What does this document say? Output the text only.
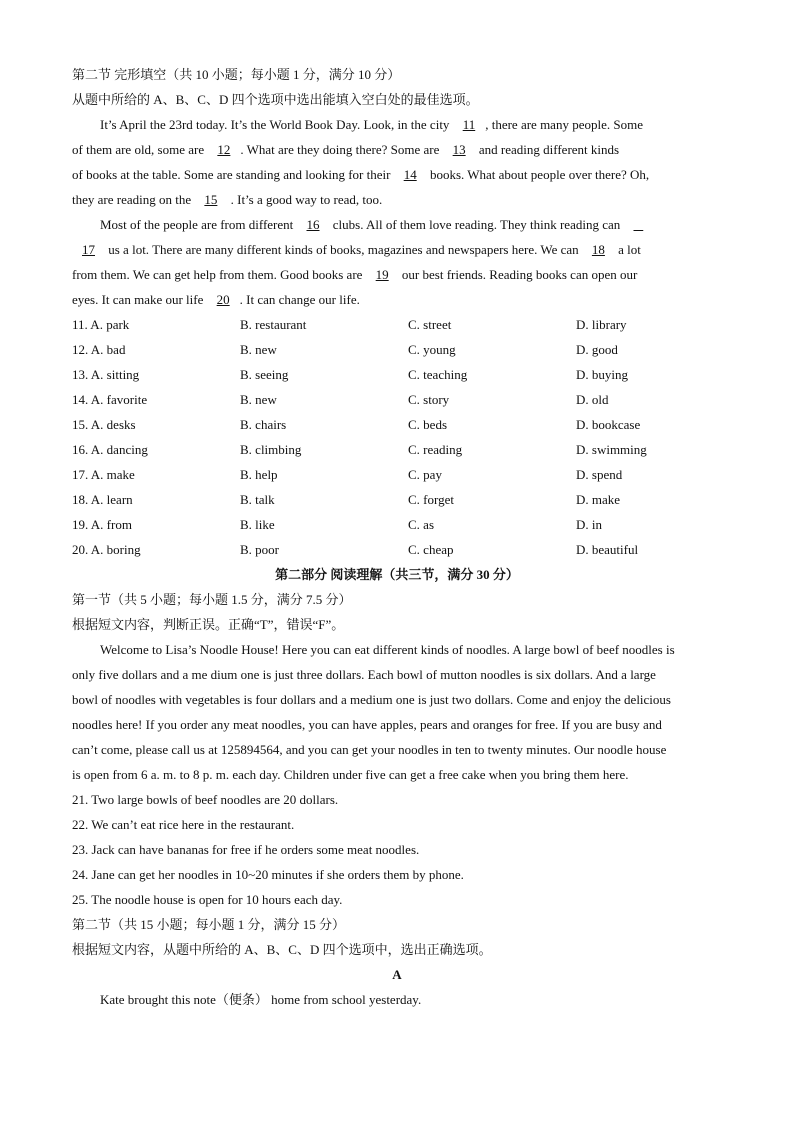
第二节 完形填空（共 10 小题；每小题 1 分，满分 10 分）
从题中所给的 A、B、C、D 四个选项中选出能填入空白处的最佳选项。
It’s April the 23rd today. It’s the World Book Day. Look, in the city 11 , there are many people. Some
of them are old, some are 12 . What are they doing there? Some are 13 and reading different kinds
of books at the table. Some are standing and looking for their 14 books. What about people over there? Oh,
they are reading on the 15 . It’s a good way to read, too.
Most of the people are from different 16 clubs. All of them love reading. They think reading can
17 us a lot. There are many different kinds of books, magazines and newspapers here. We can 18 a lot
from them. We can get help from them. Good books are 19 our best friends. Reading books can open our
eyes. It can make our life 20 . It can change our life.
11. A. park	B. restaurant	C. street	D. library
12. A. bad	B. new	C. young	D. good
13. A. sitting	B. seeing	C. teaching	D. buying
14. A. favorite	B. new	C. story	D. old
15. A. desks	B. chairs	C. beds	D. bookcase
16. A. dancing	B. climbing	C. reading	D. swimming
17. A. make	B. help	C. pay	D. spend
18. A. learn	B. talk	C. forget	D. make
19. A. from	B. like	C. as	D. in
20. A. boring	B. poor	C. cheap	D. beautiful
第二部分 阅读理解（共三节，满分 30 分）
第一节（共 5 小题；每小题 1.5 分，满分 7.5 分）
根据短文内容，判断正误。正确“T”，错误“F”。
Welcome to Lisa’s Noodle House! Here you can eat different kinds of noodles. A large bowl of beef noodles is
only five dollars and a me dium one is just three dollars. Each bowl of mutton noodles is six dollars. And a large
bowl of noodles with vegetables is four dollars and a medium one is just two dollars. Come and enjoy the delicious
noodles here! If you order any meat noodles, you can have apples, pears and oranges for free. If you are busy and
can’t come, please call us at 125894564, and you can get your noodles in ten to twenty minutes. Our noodle house
is open from 6 a. m. to 8 p. m. each day. Children under five can get a free cake when you bring them here.
21. Two large bowls of beef noodles are 20 dollars.
22. We can’t eat rice here in the restaurant.
23. Jack can have bananas for free if he orders some meat noodles.
24. Jane can get her noodles in 10~20 minutes if she orders them by phone.
25. The noodle house is open for 10 hours each day.
第二节（共 15 小题；每小题 1 分，满分 15 分）
根据短文内容，从题中所给的 A、B、C、D 四个选项中，选出正确选项。
A
Kate brought this note（便条） home from school yesterday.
